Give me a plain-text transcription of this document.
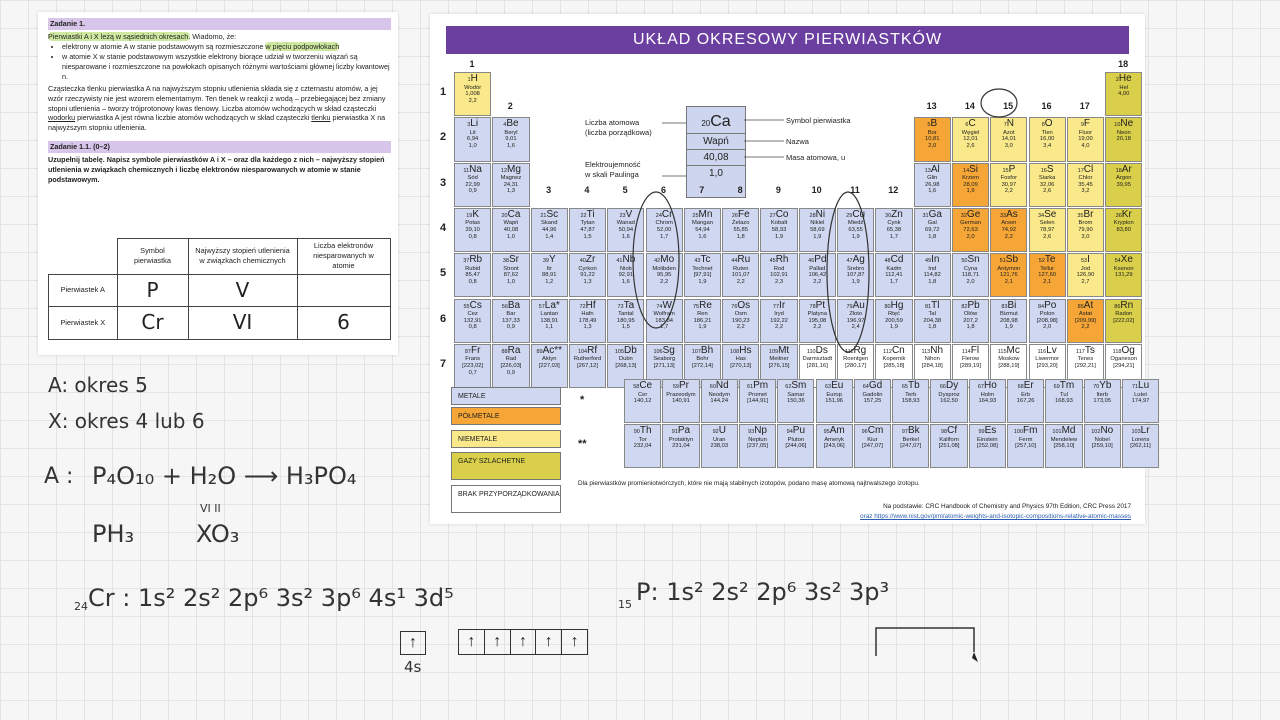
Zadanie 1.
Pierwiastki A i X leżą w sąsiednich okresach. Wiadomo, że:
• elektrony w atomie A w stanie podstawowym są rozmieszczone w pięciu podpowłokach
• w atomie X w stanie podstawowym wszystkie elektrony biorące udział w tworzeniu wiązań są niesparowane i rozmieszczone na powłokach opisanych różnymi wartościami głównej liczby kwantowej n.

Cząsteczka tlenku pierwiastka A na najwyższym stopniu utlenienia składa się z czternastu atomów, a jej wzór rzeczywisty nie jest wzorem elementarnym. Ten tlenek w reakcji z wodą – przebiegającej bez zmiany stopni utlenienia – tworzy trójprotonowy kwas tlenowy. Liczba atomów wchodzących w skład cząsteczki wodorku pierwiastka A jest równa liczbie atomów wchodzących w skład cząsteczki tlenku pierwiastka X na najwyższym stopniu utlenienia.

Zadanie 1.1. (0–2)

Uzupełnij tabelę. Napisz symbole pierwiastków A i X – oraz dla każdego z nich – najwyższy stopień utlenienia w związkach chemicznych i liczbę elektronów niesparowanych w atomie w stanie podstawowym.

	Symbol pierwiastka	Najwyższy stopień utlenienia w związkach chemicznych	Liczba elektronów niesparowanych w atomie
Pierwiastek A	P	V	
Pierwiastek X	Cr	VI	6
UKŁAD OKRESOWY PIERWIASTKÓW
20Ca
Wapń
40,08
1,0
Liczba atomowa
(liczba porządkowa)
Elektroujemność
w skali Paulinga
Symbol pierwiastka
Nazwa
Masa atomowa, u
1H
Wodór
1,008
2,2
2He
Hel
4,00
3Li
Lit
6,94
1,0
4Be
Beryl
9,01
1,6
5B
Bor
10,81
2,0
6C
Węgiel
12,01
2,6
7N
Azot
14,01
3,0
8O
Tlen
16,00
3,4
9F
Fluor
19,00
4,0
10Ne
Neon
20,18
11Na
Sód
22,99
0,9
12Mg
Magnez
24,31
1,3
13Al
Glin
26,98
1,6
14Si
Krzem
28,09
1,9
15P
Fosfor
30,97
2,2
16S
Siarka
32,06
2,6
17Cl
Chlor
35,45
3,2
18Ar
Argon
39,95
19K
Potas
39,10
0,8
20Ca
Wapń
40,08
1,0
21Sc
Skand
44,96
1,4
22Ti
Tytan
47,87
1,5
23V
Wanad
50,94
1,6
24Cr
Chrom
52,00
1,7
25Mn
Mangan
54,94
1,6
26Fe
Żelazo
55,85
1,8
27Co
Kobalt
58,93
1,9
28Ni
Nikiel
58,69
1,9
29Cu
Miedź
63,55
1,9
30Zn
Cynk
65,38
1,7
31Ga
Gal
69,72
1,8
32Ge
German
72,63
2,0
33As
Arsen
74,92
2,2
34Se
Selen
78,97
2,6
35Br
Brom
79,90
3,0
36Kr
Krypton
83,80
37Rb
Rubid
85,47
0,8
38Sr
Stront
87,62
1,0
39Y
Itr
88,91
1,2
40Zr
Cyrkon
91,22
1,3
41Nb
Niob
92,91
1,6
42Mo
Molibden
95,95
2,2
43Tc
Technet
[97,91]
1,9
44Ru
Ruten
101,07
2,2
45Rh
Rod
102,91
2,3
46Pd
Pallad
106,42
2,2
47Ag
Srebro
107,87
1,9
48Cd
Kadm
112,41
1,7
49In
Ind
114,82
1,8
50Sn
Cyna
118,71
2,0
51Sb
Antymon
121,76
2,1
52Te
Tellur
127,60
2,1
53I
Jod
126,90
2,7
54Xe
Ksenon
131,29
55Cs
Cez
132,91
0,8
56Ba
Bar
137,33
0,9
57La*
Lantan
138,91
1,1
72Hf
Hafn
178,49
1,3
73Ta
Tantal
180,95
1,5
74W
Wolfram
183,84
1,7
75Re
Ren
186,21
1,9
76Os
Osm
190,23
2,2
77Ir
Iryd
192,22
2,2
78Pt
Platyna
195,08
2,2
79Au
Złoto
196,97
2,4
80Hg
Rtęć
200,59
1,9
81Tl
Tal
204,38
1,8
82Pb
Ołów
207,2
1,8
83Bi
Bizmut
208,98
1,9
84Po
Polon
[208,98]
2,0
85At
Astat
[209,99]
2,2
86Rn
Radon
[222,02]
87Fr
Frans
[223,02]
0,7
88Ra
Rad
[226,03]
0,9
89Ac**
Aktyn
[227,03]
104Rf
Rutherford
[267,12]
105Db
Dubn
[268,13]
106Sg
Seaborg
[271,13]
107Bh
Bohr
[272,14]
108Hs
Has
[270,13]
109Mt
Meitner
[276,15]
110Ds
Darmsztadt
[281,16]
111Rg
Roentgen
[280,17]
112Cn
Kopernik
[285,18]
113Nh
Nihon
[284,18]
114Fl
Flerow
[289,19]
115Mc
Moskow
[288,19]
116Lv
Liwermor
[293,20]
117Ts
Tenes
[292,21]
118Og
Oganeson
[294,21]
58Ce
Cer
140,12
59Pr
Prazeodym
140,91
60Nd
Neodym
144,24
61Pm
Promet
[144,91]
62Sm
Samar
150,36
63Eu
Europ
151,96
64Gd
Gadolin
157,25
65Tb
Terb
158,93
66Dy
Dysproz
162,50
67Ho
Holm
164,93
68Er
Erb
167,26
69Tm
Tul
168,93
70Yb
Iterb
173,05
71Lu
Lutet
174,97
90Th
Tor
232,04
91Pa
Protaktyn
231,04
92U
Uran
238,03
93Np
Neptun
[237,05]
94Pu
Pluton
[244,06]
95Am
Ameryk
[243,06]
96Cm
Kiur
[247,07]
97Bk
Berkel
[247,07]
98Cf
Kaliforn
[251,08]
99Es
Einstein
[252,08]
100Fm
Ferm
[257,10]
101Md
Mendelew
[258,10]
102No
Nobel
[259,10]
103Lr
Lorens
[262,11]
1
2
3	4	5	6	7	8	9	10	11	12
13	14	15	16	17
18
1
2
3
4
5
6
7
*
**
METALE
PÓŁMETALE
NIEMETALE
GAZY SZLACHETNE
BRAK PRZYPORZĄDKOWANIA
Dla pierwiastków promieniotwórczych, które nie mają stabilnych izotopów, podano masę atomową najtrwalszego izotopu.
Na podstawie: CRC Handbook of Chemistry and Physics 97th Edition, CRC Press 2017
oraz https://www.nist.gov/pml/atomic-weights-and-isotopic-compositions-relative-atomic-masses
A: okres 5
X: okres 4 lub 6
A : P₄O₁₀ + H₂O ⟶ H₃PO₄
PH₃
VI II
XO₃
24 Cr : 1s² 2s² 2p⁶ 3s² 3p⁶ 4s¹ 3d⁵	15 P: 1s² 2s² 2p⁶ 3s² 3p³
↑
4s
↑	↑	↑	↑	↑
